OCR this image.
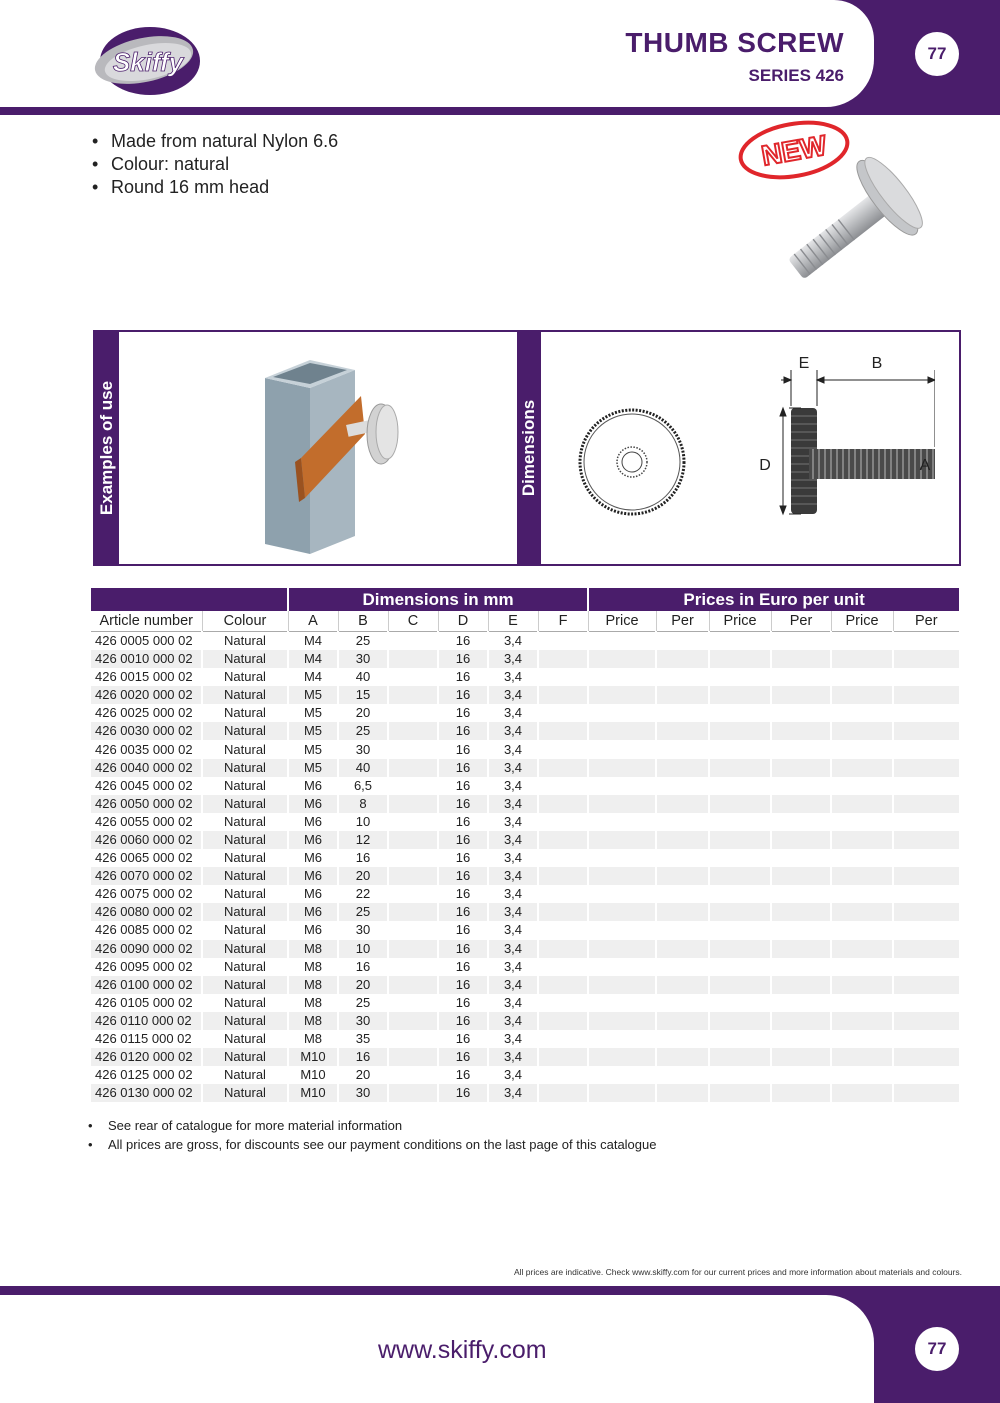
Skiffy
THUMB SCREW
SERIES 426
77
• Made from natural Nylon 6.6
• Colour: natural
• Round 16 mm head
NEW
Examples of use	Dimensions
E	B
D	A
		Dimensions in mm						Prices in Euro per unit					
Article number	Colour	A	B	C	D	E	F	Price	Per	Price	Per	Price	Per
426 0005 000 02	Natural	M4	25		16	3,4							
426 0010 000 02	Natural	M4	30		16	3,4							
426 0015 000 02	Natural	M4	40		16	3,4							
426 0020 000 02	Natural	M5	15		16	3,4							
426 0025 000 02	Natural	M5	20		16	3,4							
426 0030 000 02	Natural	M5	25		16	3,4							
426 0035 000 02	Natural	M5	30		16	3,4							
426 0040 000 02	Natural	M5	40		16	3,4							
426 0045 000 02	Natural	M6	6,5		16	3,4							
426 0050 000 02	Natural	M6	8		16	3,4							
426 0055 000 02	Natural	M6	10		16	3,4							
426 0060 000 02	Natural	M6	12		16	3,4							
426 0065 000 02	Natural	M6	16		16	3,4							
426 0070 000 02	Natural	M6	20		16	3,4							
426 0075 000 02	Natural	M6	22		16	3,4							
426 0080 000 02	Natural	M6	25		16	3,4							
426 0085 000 02	Natural	M6	30		16	3,4							
426 0090 000 02	Natural	M8	10		16	3,4							
426 0095 000 02	Natural	M8	16		16	3,4							
426 0100 000 02	Natural	M8	20		16	3,4							
426 0105 000 02	Natural	M8	25		16	3,4							
426 0110 000 02	Natural	M8	30		16	3,4							
426 0115 000 02	Natural	M8	35		16	3,4							
426 0120 000 02	Natural	M10	16		16	3,4							
426 0125 000 02	Natural	M10	20		16	3,4							
426 0130 000 02	Natural	M10	30		16	3,4							
• See rear of catalogue for more material information
• All prices are gross, for discounts see our payment conditions on the last page of this catalogue
All prices are indicative. Check www.skiffy.com for our current prices and more information about materials and colours.
www.skiffy.com	77
